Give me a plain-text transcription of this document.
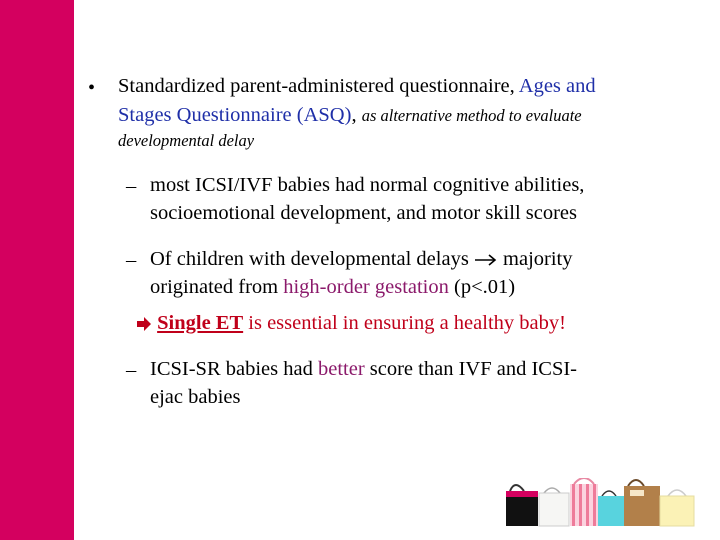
• Standardized parent-administered questionnaire, Ages and
Stages Questionnaire (ASQ), as alternative method to evaluate
developmental delay
– most ICSI/IVF babies had normal cognitive abilities,
socioemotional development, and motor skill scores
– Of children with developmental delays majority
originated from high-order gestation (p<.01)
Single ET is essential in ensuring a healthy baby!
– ICSI-SR babies had better score than IVF and ICSI-
ejac babies
